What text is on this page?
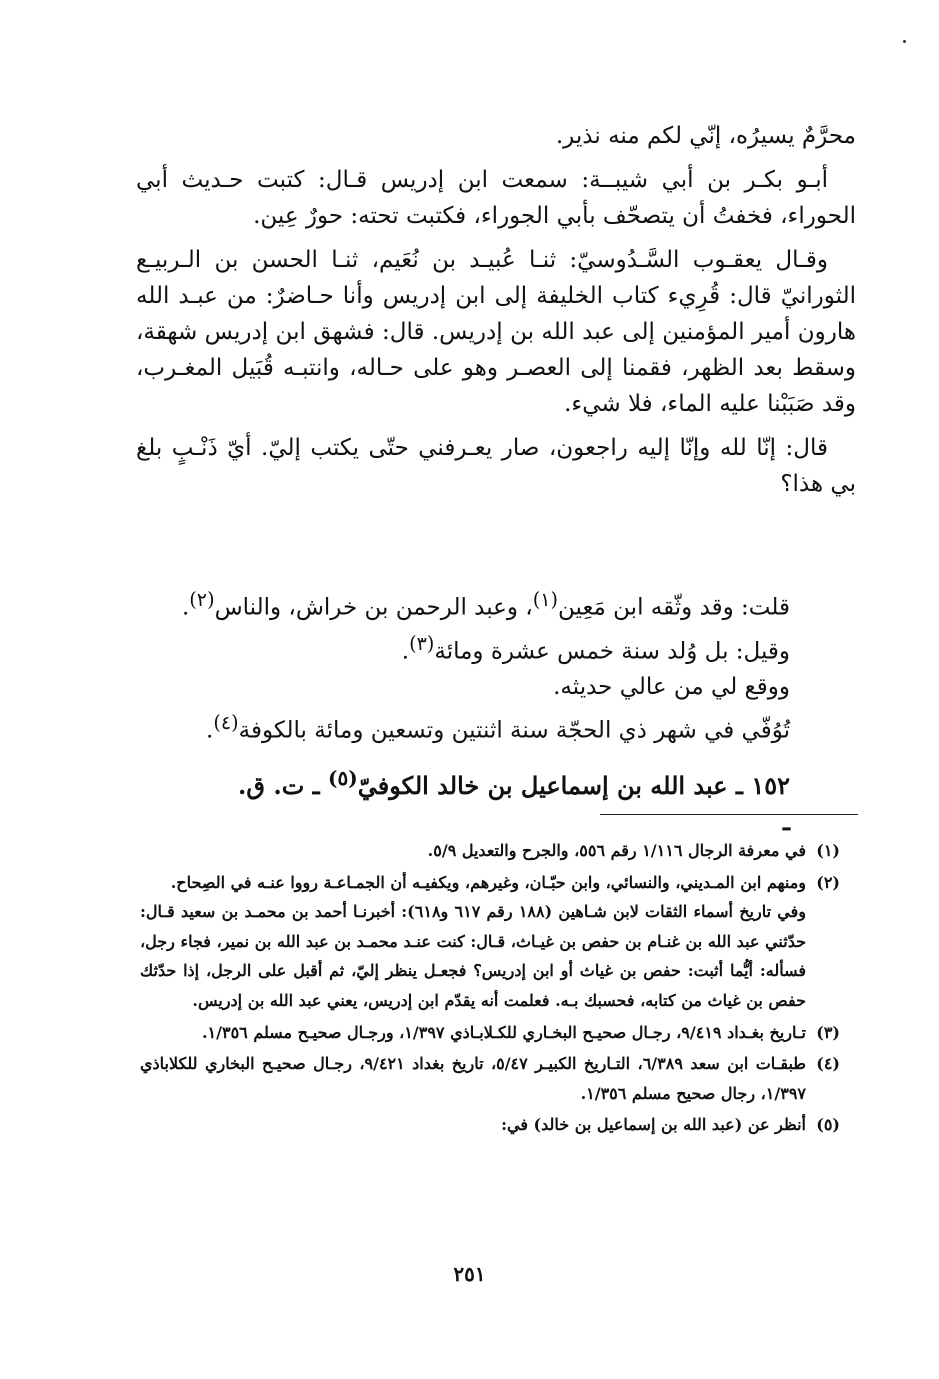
محرَّمٌ يسيرُه، إنّي لكم منه نذير.

أبـو بكـر بن أبي شيبــة: سمعت ابن إدريس قـال: كتبت حـديث أبي الحوراء، فخفتُ أن يتصحّف بأبي الجوراء، فكتبت تحته: حورٌ عِين.

وقـال يعقـوب السَّـدُوسيّ: ثنـا عُبيـد بن نُعَيم، ثنـا الحسن بن الـربيـع الثورانيّ قال: قُرِيء كتاب الخليفة إلى ابن إدريس وأنا حـاضرٌ: من عبـد الله هارون أمير المؤمنين إلى عبد الله بن إدريس. قال: فشهق ابن إدريس شهقة، وسقط بعد الظهر، فقمنا إلى العصـر وهو على حـاله، وانتبـه قُبَيل المغـرب، وقد صَبَبْنا عليه الماء، فلا شيء.

قال: إنّا لله وإنّا إليه راجعون، صار يعـرفني حتّى يكتب إليّ. أيّ ذَنْـبٍ بلغ بي هذا؟

قلت: وقد وثّقه ابن مَعِين$^{(١)}$، وعبد الرحمن بن خراش، والناس$^{(٢)}$.

وقيل: بل وُلد سنة خمس عشرة ومائة$^{(٣)}$.

ووقع لي من عالي حديثه.

تُوُفّي في شهر ذي الحجّة سنة اثنتين وتسعين ومائة بالكوفة$^{(٤)}$.

١٥٢ ـ عبد الله بن إسماعيل بن خالد الكوفيّ$^{(٥)}$ ـ ت. ق. ـ
(١)
في معرفة الرجال ١/١١٦ رقم ٥٥٦، والجرح والتعديل ٥/٩.
(٢)
ومنهم ابن المـديني، والنسائي، وابن حبّـان، وغيرهم، ويكفيـه أن الجمـاعـة رووا عنـه في الصِحاح.
وفي تاريخ أسماء الثقات لابن شـاهين (١٨٨ رقم ٦١٧ و٦١٨): أخبرنـا أحمد بن محمـد بن سعيد قـال: حدّثني عبد الله بن غنـام بن حفص بن غيـاث، قـال: كنت عنـد محمـد بن عبد الله بن نمير، فجاء رجل، فسأله: أيُّما أثبت: حفص بن غياث أو ابن إدريس؟ فجعـل ينظر إليّ، ثم أقبل على الرجل، إذا حدّثك حفص بن غياث من كتابه، فحسبك بـه. فعلمت أنه يقدّم ابن إدريس، يعني عبد الله بن إدريس.
(٣)
تـاريخ بغـداد ٩/٤١٩، رجـال صحيـح البخـاري للكـلابـاذي ١/٣٩٧، ورجـال صحيـح مسلم ١/٣٥٦.
(٤)
طبقـات ابن سعد ٦/٣٨٩، التـاريخ الكبيـر ٥/٤٧، تاريخ بغداد ٩/٤٢١، رجـال صحيـح البخاري للكلاباذي ١/٣٩٧، رجال صحيح مسلم ١/٣٥٦.
(٥)
أنظر عن (عبد الله بن إسماعيل بن خالد) في:
٢٥١
